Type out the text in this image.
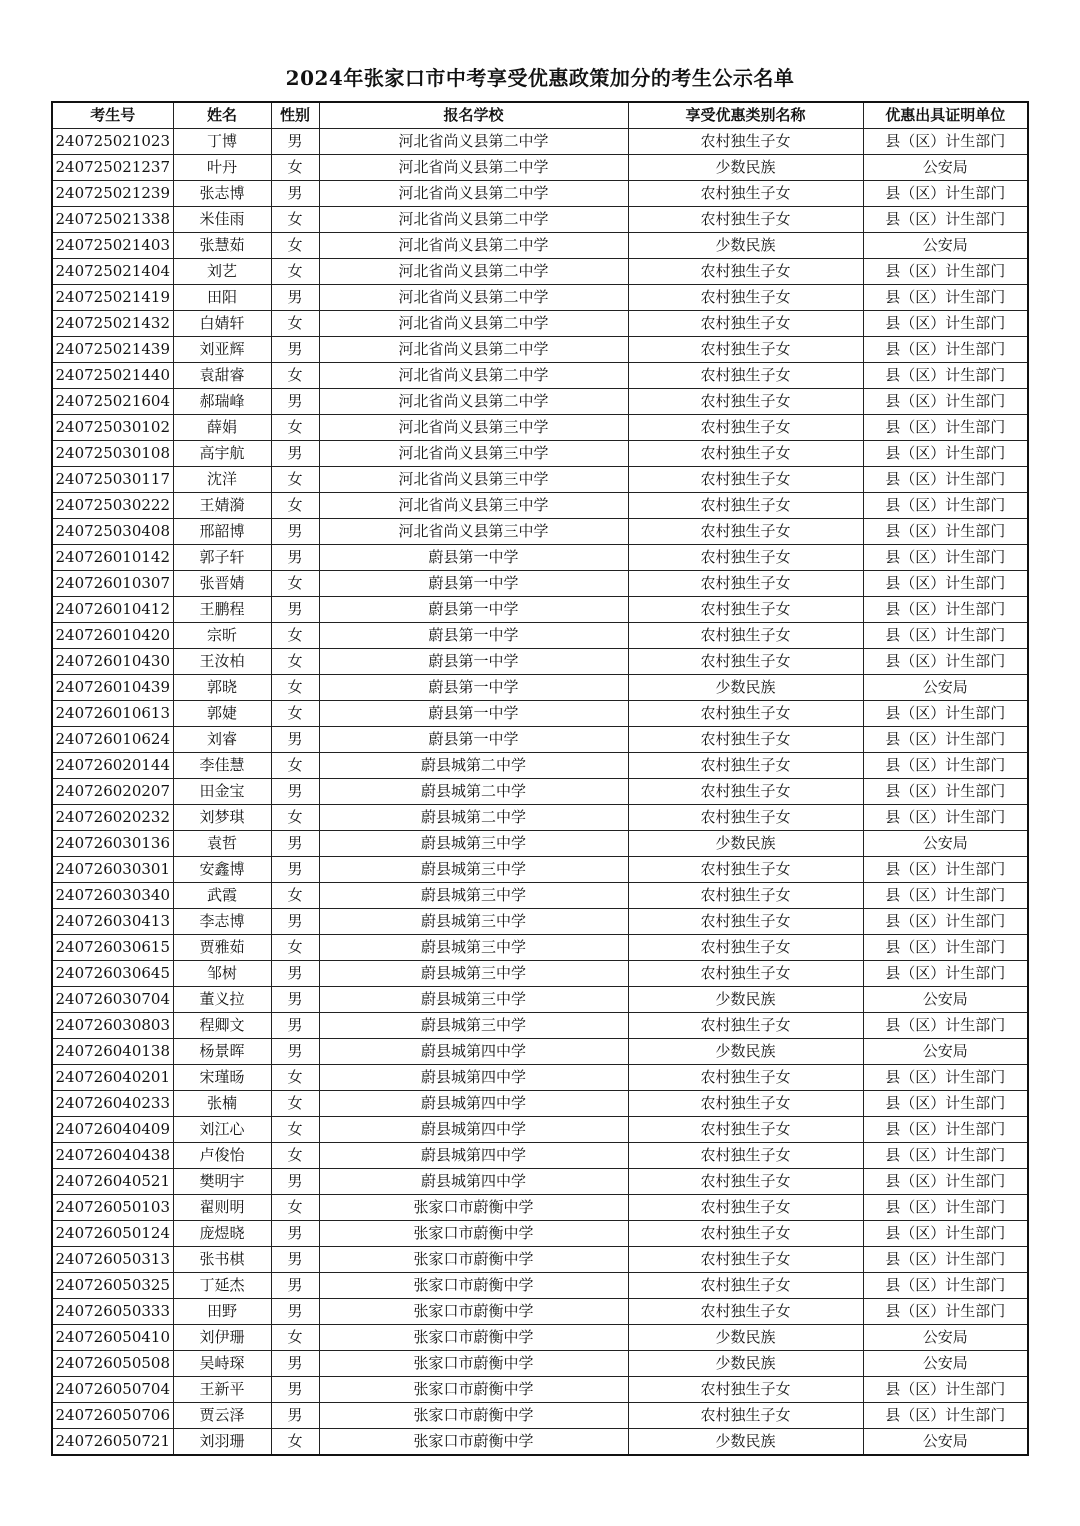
2024年张家口市中考享受优惠政策加分的考生公示名单
考生号	姓名	性别	报名学校	享受优惠类别名称	优惠出具证明单位
240725021023	丁博	男	河北省尚义县第二中学	农村独生子女	县（区）计生部门
240725021237	叶丹	女	河北省尚义县第二中学	少数民族	公安局
240725021239	张志博	男	河北省尚义县第二中学	农村独生子女	县（区）计生部门
240725021338	米佳雨	女	河北省尚义县第二中学	农村独生子女	县（区）计生部门
240725021403	张慧茹	女	河北省尚义县第二中学	少数民族	公安局
240725021404	刘艺	女	河北省尚义县第二中学	农村独生子女	县（区）计生部门
240725021419	田阳	男	河北省尚义县第二中学	农村独生子女	县（区）计生部门
240725021432	白婧轩	女	河北省尚义县第二中学	农村独生子女	县（区）计生部门
240725021439	刘亚辉	男	河北省尚义县第二中学	农村独生子女	县（区）计生部门
240725021440	袁甜睿	女	河北省尚义县第二中学	农村独生子女	县（区）计生部门
240725021604	郝瑞峰	男	河北省尚义县第二中学	农村独生子女	县（区）计生部门
240725030102	薛娟	女	河北省尚义县第三中学	农村独生子女	县（区）计生部门
240725030108	高宇航	男	河北省尚义县第三中学	农村独生子女	县（区）计生部门
240725030117	沈洋	女	河北省尚义县第三中学	农村独生子女	县（区）计生部门
240725030222	王婧漪	女	河北省尚义县第三中学	农村独生子女	县（区）计生部门
240725030408	邢韶博	男	河北省尚义县第三中学	农村独生子女	县（区）计生部门
240726010142	郭子轩	男	蔚县第一中学	农村独生子女	县（区）计生部门
240726010307	张晋婧	女	蔚县第一中学	农村独生子女	县（区）计生部门
240726010412	王鹏程	男	蔚县第一中学	农村独生子女	县（区）计生部门
240726010420	宗昕	女	蔚县第一中学	农村独生子女	县（区）计生部门
240726010430	王汝柏	女	蔚县第一中学	农村独生子女	县（区）计生部门
240726010439	郭晓	女	蔚县第一中学	少数民族	公安局
240726010613	郭婕	女	蔚县第一中学	农村独生子女	县（区）计生部门
240726010624	刘睿	男	蔚县第一中学	农村独生子女	县（区）计生部门
240726020144	李佳慧	女	蔚县城第二中学	农村独生子女	县（区）计生部门
240726020207	田金宝	男	蔚县城第二中学	农村独生子女	县（区）计生部门
240726020232	刘梦琪	女	蔚县城第二中学	农村独生子女	县（区）计生部门
240726030136	袁哲	男	蔚县城第三中学	少数民族	公安局
240726030301	安鑫博	男	蔚县城第三中学	农村独生子女	县（区）计生部门
240726030340	武霞	女	蔚县城第三中学	农村独生子女	县（区）计生部门
240726030413	李志博	男	蔚县城第三中学	农村独生子女	县（区）计生部门
240726030615	贾雅茹	女	蔚县城第三中学	农村独生子女	县（区）计生部门
240726030645	邹树	男	蔚县城第三中学	农村独生子女	县（区）计生部门
240726030704	董义拉	男	蔚县城第三中学	少数民族	公安局
240726030803	程卿文	男	蔚县城第三中学	农村独生子女	县（区）计生部门
240726040138	杨景晖	男	蔚县城第四中学	少数民族	公安局
240726040201	宋瑾旸	女	蔚县城第四中学	农村独生子女	县（区）计生部门
240726040233	张楠	女	蔚县城第四中学	农村独生子女	县（区）计生部门
240726040409	刘江心	女	蔚县城第四中学	农村独生子女	县（区）计生部门
240726040438	卢俊怡	女	蔚县城第四中学	农村独生子女	县（区）计生部门
240726040521	樊明宇	男	蔚县城第四中学	农村独生子女	县（区）计生部门
240726050103	翟则明	女	张家口市蔚衡中学	农村独生子女	县（区）计生部门
240726050124	庞煜晓	男	张家口市蔚衡中学	农村独生子女	县（区）计生部门
240726050313	张书棋	男	张家口市蔚衡中学	农村独生子女	县（区）计生部门
240726050325	丁延杰	男	张家口市蔚衡中学	农村独生子女	县（区）计生部门
240726050333	田野	男	张家口市蔚衡中学	农村独生子女	县（区）计生部门
240726050410	刘伊珊	女	张家口市蔚衡中学	少数民族	公安局
240726050508	吴峙琛	男	张家口市蔚衡中学	少数民族	公安局
240726050704	王新平	男	张家口市蔚衡中学	农村独生子女	县（区）计生部门
240726050706	贾云泽	男	张家口市蔚衡中学	农村独生子女	县（区）计生部门
240726050721	刘羽珊	女	张家口市蔚衡中学	少数民族	公安局
